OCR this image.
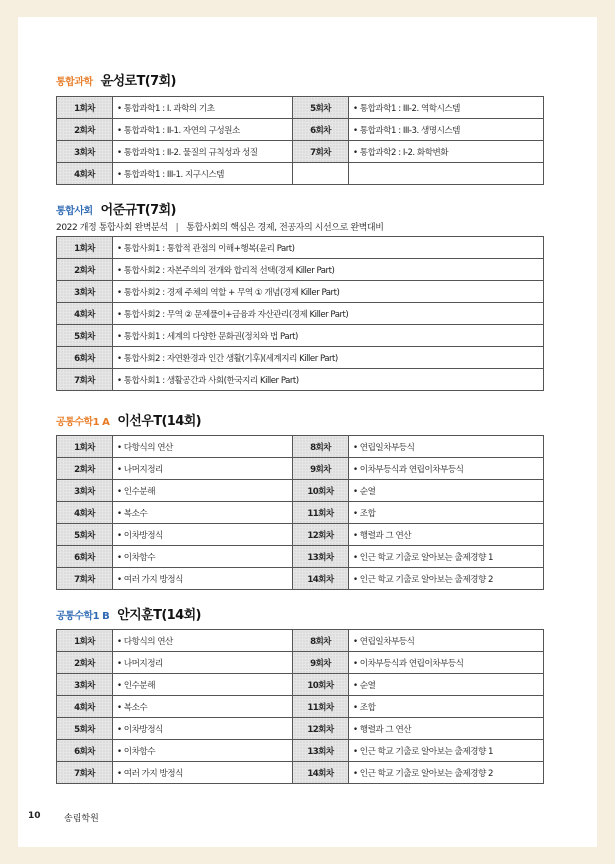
통합과학 윤성로T(7회)
1회차	• 통합과학1 : I. 과학의 기초	5회차	• 통합과학1 : III-2. 역학시스템
2회차	• 통합과학1 : II-1. 자연의 구성원소	6회차	• 통합과학1 : III-3. 생명시스템
3회차	• 통합과학1 : II-2. 물질의 규칙성과 성질	7회차	• 통합과학2 : I-2. 화학변화
4회차	• 통합과학1 : III-1. 지구시스템		
통합사회 어준규T(7회)
2022 개정 통합사회 완벽분석 | 통합사회의 핵심은 경제, 전공자의 시선으로 완벽대비
1회차	• 통합사회1 : 통합적 관점의 이해+행복(윤리 Part)
2회차	• 통합사회2 : 자본주의의 전개와 합리적 선택(경제 Killer Part)
3회차	• 통합사회2 : 경제 주체의 역할 + 무역 ① 개념(경제 Killer Part)
4회차	• 통합사회2 : 무역 ② 문제풀이+금융과 자산관리(경제 Killer Part)
5회차	• 통합사회1 : 세계의 다양한 문화권(정치와 법 Part)
6회차	• 통합사회2 : 자연환경과 인간 생활(기후)(세계지리 Killer Part)
7회차	• 통합사회1 : 생활공간과 사회(한국지리 Killer Part)
공통수학1 A 이선우T(14회)
1회차	• 다항식의 연산	8회차	• 연립일차부등식
2회차	• 나머지정리	9회차	• 이차부등식과 연립이차부등식
3회차	• 인수분해	10회차	• 순열
4회차	• 복소수	11회차	• 조합
5회차	• 이차방정식	12회차	• 행렬과 그 연산
6회차	• 이차함수	13회차	• 인근 학교 기출로 알아보는 출제경향 1
7회차	• 여러 가지 방정식	14회차	• 인근 학교 기출로 알아보는 출제경향 2
공통수학1 B 안지훈T(14회)
1회차	• 다항식의 연산	8회차	• 연립일차부등식
2회차	• 나머지정리	9회차	• 이차부등식과 연립이차부등식
3회차	• 인수분해	10회차	• 순열
4회차	• 복소수	11회차	• 조합
5회차	• 이차방정식	12회차	• 행렬과 그 연산
6회차	• 이차함수	13회차	• 인근 학교 기출로 알아보는 출제경향 1
7회차	• 여러 가지 방정식	14회차	• 인근 학교 기출로 알아보는 출제경향 2
10	송림학원
